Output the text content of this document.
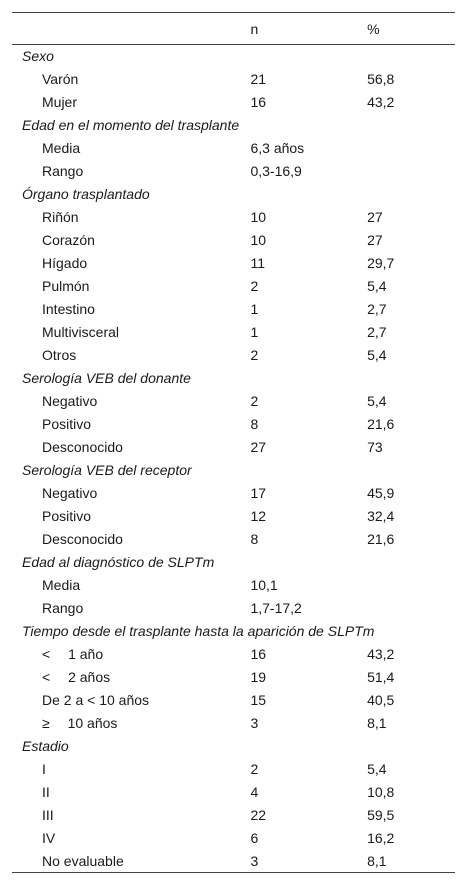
	n	%
Sexo		
Varón	21	56,8
Mujer	16	43,2
Edad en el momento del trasplante		
Media	6,3 años	
Rango	0,3-16,9	
Órgano trasplantado		
Riñón	10	27
Corazón	10	27
Hígado	11	29,7
Pulmón	2	5,4
Intestino	1	2,7
Multivisceral	1	2,7
Otros	2	5,4
Serología VEB del donante		
Negativo	2	5,4
Positivo	8	21,6
Desconocido	27	73
Serología VEB del receptor		
Negativo	17	45,9
Positivo	12	32,4
Desconocido	8	21,6
Edad al diagnóstico de SLPTm		
Media	10,1	
Rango	1,7-17,2	
Tiempo desde el trasplante hasta la aparición de SLPTm		
<  1 año	16	43,2
<  2 años	19	51,4
De 2 a < 10 años	15	40,5
≥  10 años	3	8,1
Estadio		
I	2	5,4
II	4	10,8
III	22	59,5
IV	6	16,2
No evaluable	3	8,1
